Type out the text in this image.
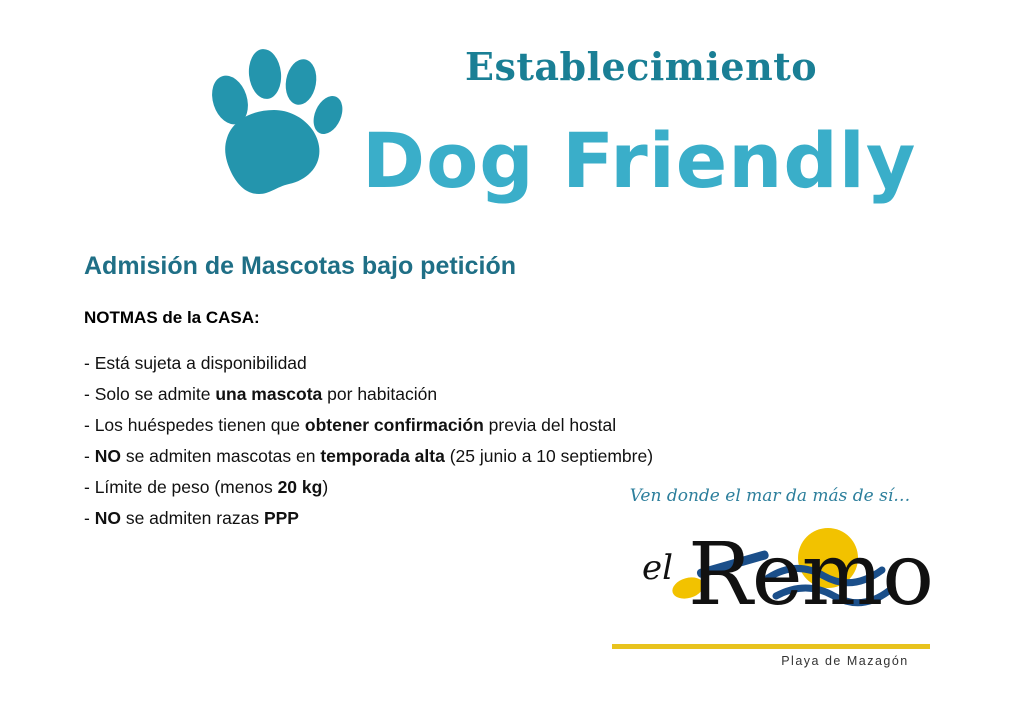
Establecimiento
Dog Friendly
Admisión de Mascotas bajo petición
NOTMAS de la CASA:
- Está sujeta a disponibilidad
- Solo se admite una mascota por habitación
- Los huéspedes tienen que obtener confirmación previa del hostal
- NO se admiten mascotas en temporada alta (25 junio a 10 septiembre)
- Límite de peso (menos 20 kg)
- NO se admiten razas PPP
Ven donde el mar da más de sí…
el Remo
Playa de Mazagón
